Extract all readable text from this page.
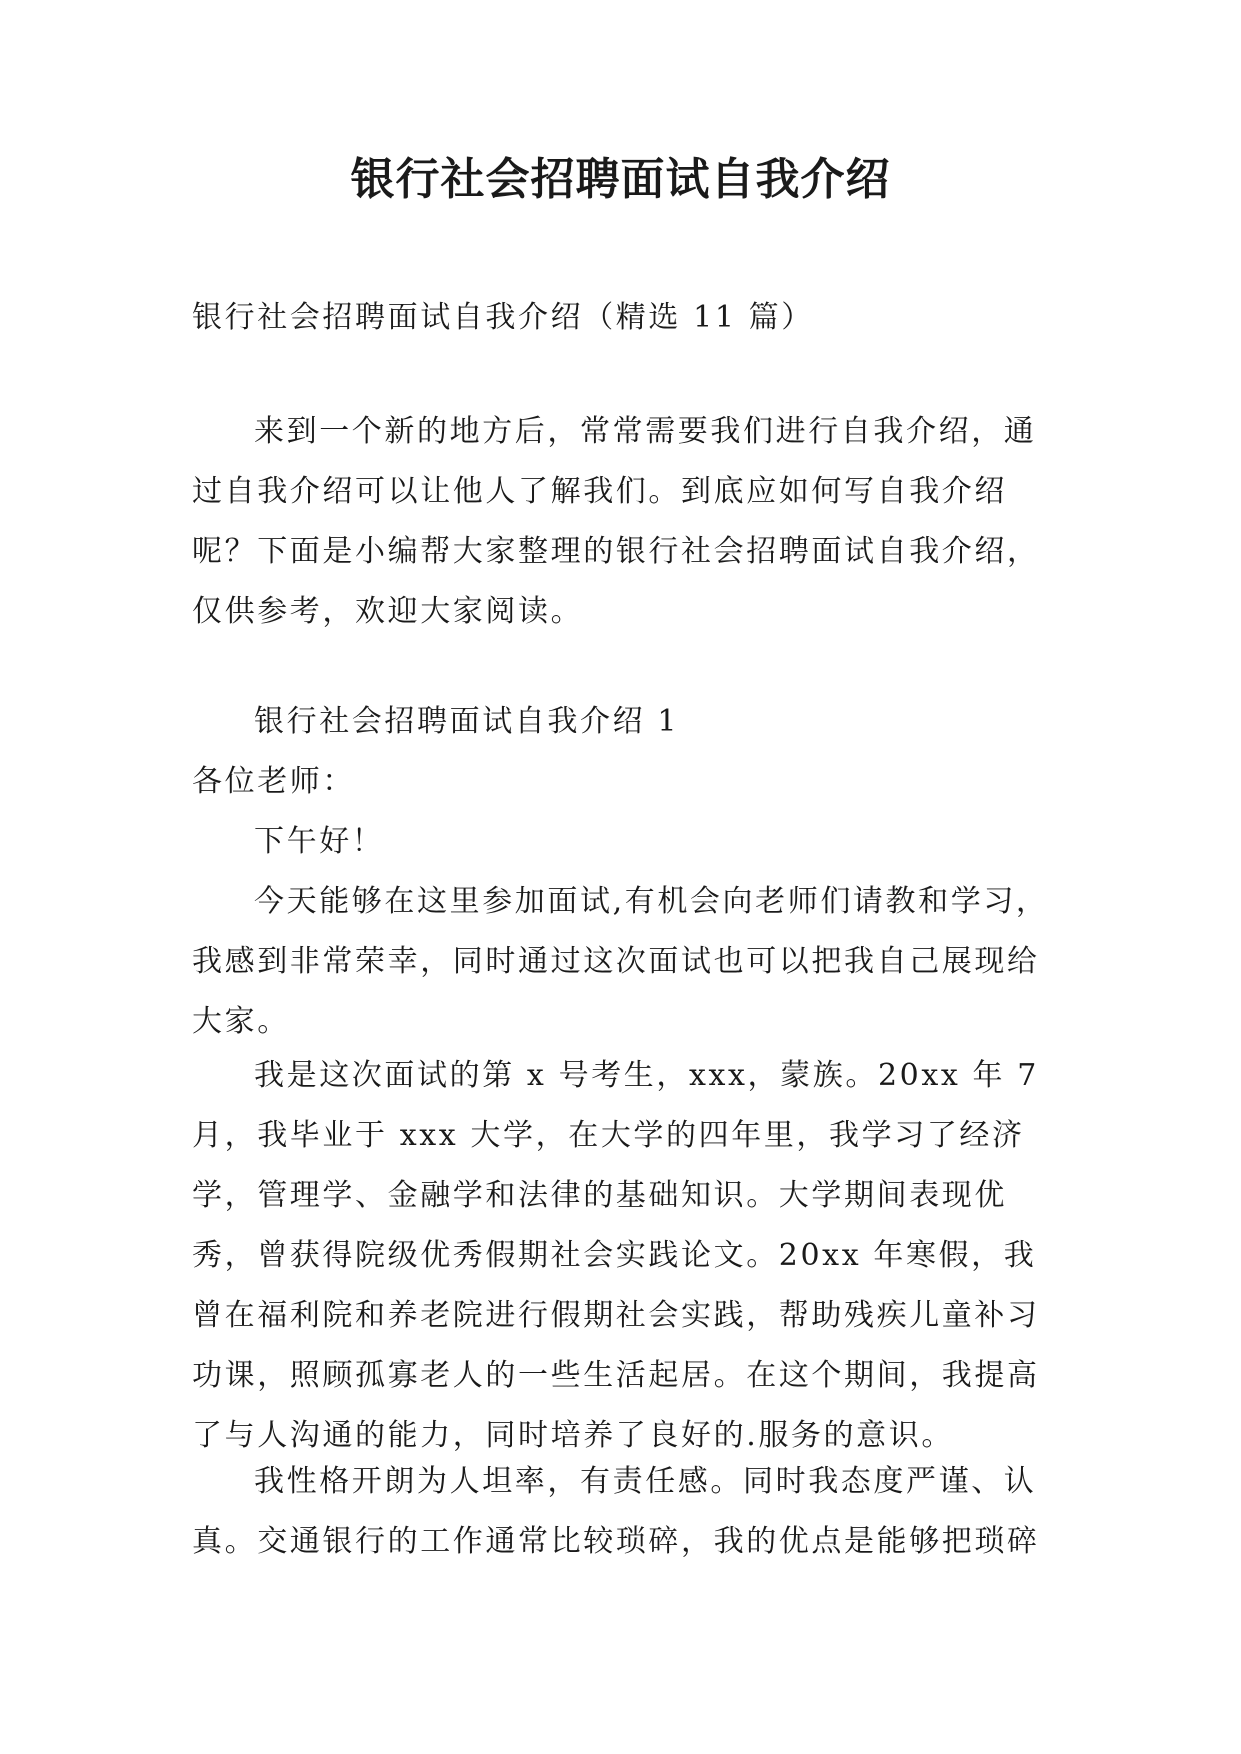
银行社会招聘面试自我介绍

银行社会招聘面试自我介绍（精选 11 篇）

来到一个新的地方后，常常需要我们进行自我介绍，通过自我介绍可以让他人了解我们。到底应如何写自我介绍呢？下面是小编帮大家整理的银行社会招聘面试自我介绍，仅供参考，欢迎大家阅读。

银行社会招聘面试自我介绍 1

各位老师：

下午好！

今天能够在这里参加面试,有机会向老师们请教和学习，我感到非常荣幸，同时通过这次面试也可以把我自己展现给大家。

我是这次面试的第 x 号考生，xxx，蒙族。20xx 年 7 月，我毕业于 xxx 大学，在大学的四年里，我学习了经济学，管理学、金融学和法律的基础知识。大学期间表现优秀，曾获得院级优秀假期社会实践论文。20xx 年寒假，我曾在福利院和养老院进行假期社会实践，帮助残疾儿童补习功课，照顾孤寡老人的一些生活起居。在这个期间，我提高了与人沟通的能力，同时培养了良好的.服务的意识。

我性格开朗为人坦率，有责任感。同时我态度严谨、认真。交通银行的工作通常比较琐碎，我的优点是能够把琐碎
